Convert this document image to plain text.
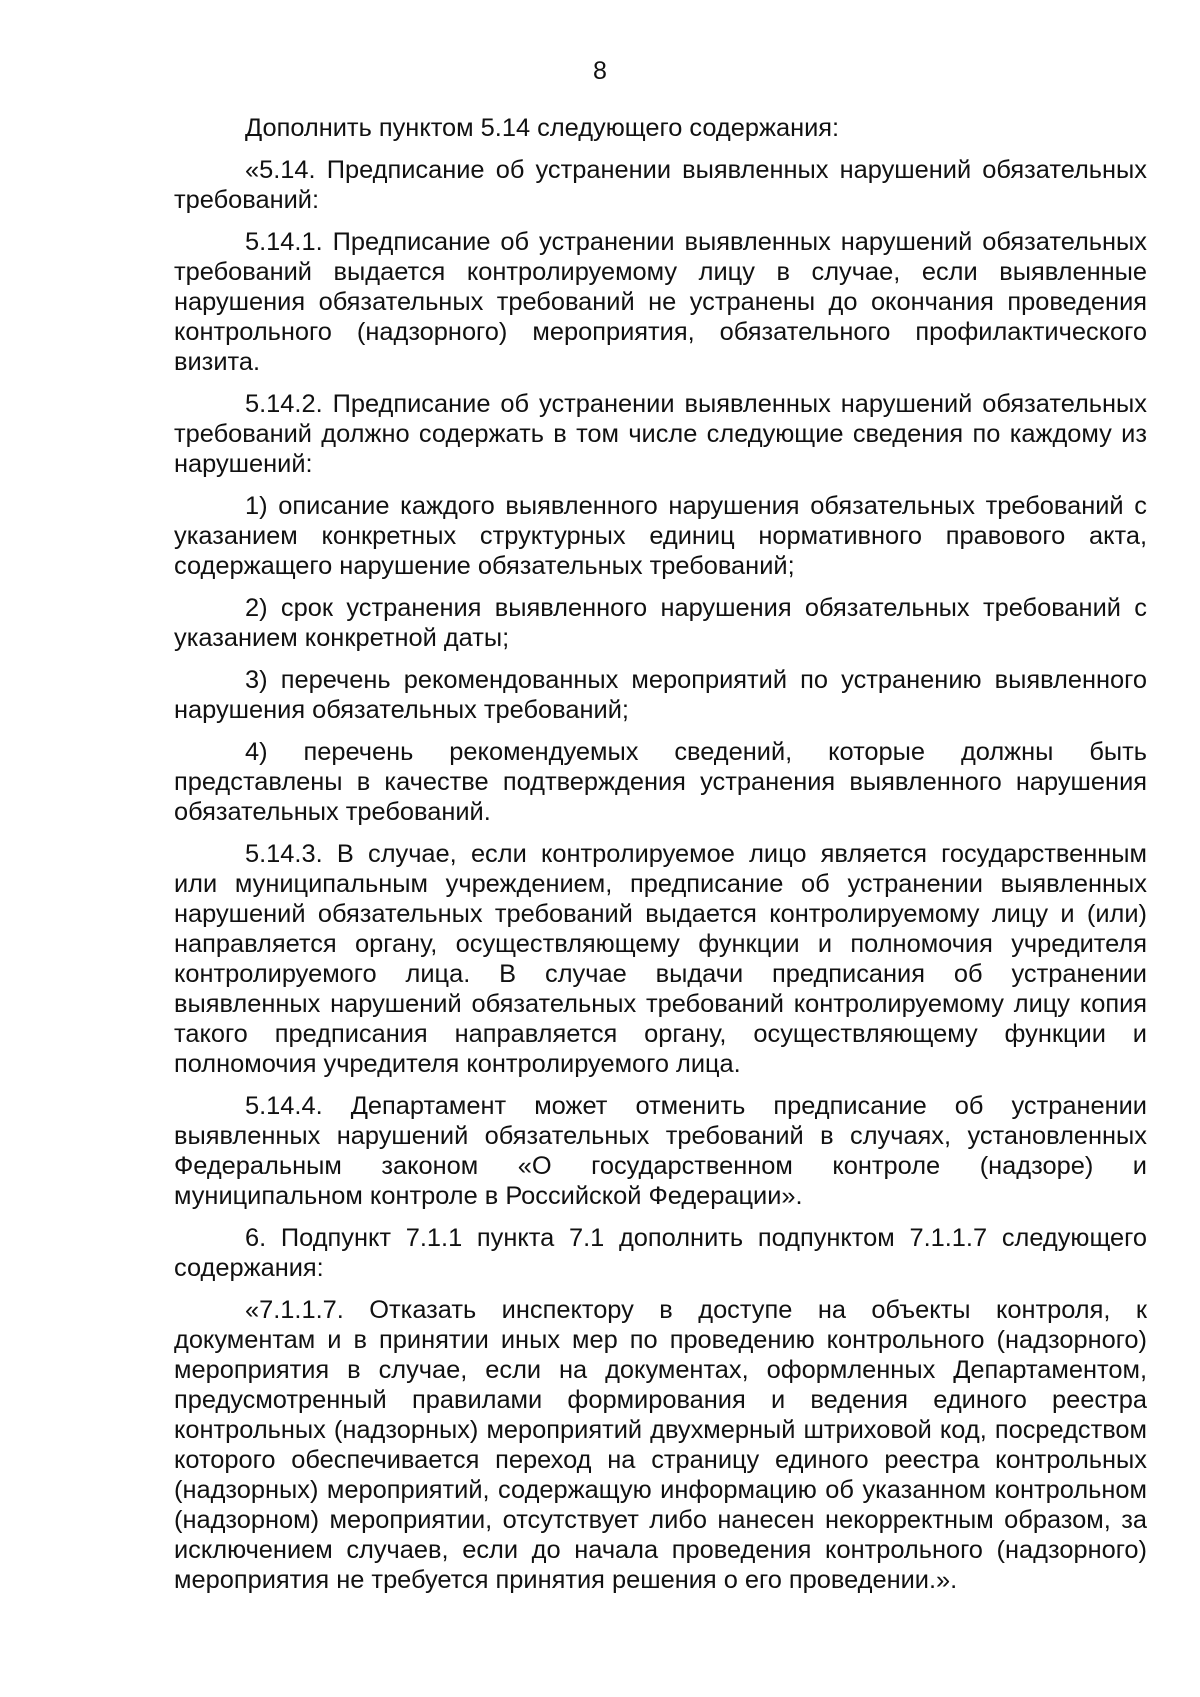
8

Дополнить пунктом 5.14 следующего содержания:

«5.14. Предписание об устранении выявленных нарушений обязательных требований:

5.14.1. Предписание об устранении выявленных нарушений обязательных требований выдается контролируемому лицу в случае, если выявленные нарушения обязательных требований не устранены до окончания проведения контрольного (надзорного) мероприятия, обязательного профилактического визита.

5.14.2. Предписание об устранении выявленных нарушений обязательных требований должно содержать в том числе следующие сведения по каждому из нарушений:

1) описание каждого выявленного нарушения обязательных требований с указанием конкретных структурных единиц нормативного правового акта, содержащего нарушение обязательных требований;

2) срок устранения выявленного нарушения обязательных требований с указанием конкретной даты;

3) перечень рекомендованных мероприятий по устранению выявленного нарушения обязательных требований;

4) перечень рекомендуемых сведений, которые должны быть представлены в качестве подтверждения устранения выявленного нарушения обязательных требований.

5.14.3. В случае, если контролируемое лицо является государственным или муниципальным учреждением, предписание об устранении выявленных нарушений обязательных требований выдается контролируемому лицу и (или) направляется органу, осуществляющему функции и полномочия учредителя контролируемого лица. В случае выдачи предписания об устранении выявленных нарушений обязательных требований контролируемому лицу копия такого предписания направляется органу, осуществляющему функции и полномочия учредителя контролируемого лица.

5.14.4. Департамент может отменить предписание об устранении выявленных нарушений обязательных требований в случаях, установленных Федеральным законом «О государственном контроле (надзоре) и муниципальном контроле в Российской Федерации».

6. Подпункт 7.1.1 пункта 7.1 дополнить подпунктом 7.1.1.7 следующего содержания:

«7.1.1.7. Отказать инспектору в доступе на объекты контроля, к документам и в принятии иных мер по проведению контрольного (надзорного) мероприятия в случае, если на документах, оформленных Департаментом, предусмотренный правилами формирования и ведения единого реестра контрольных (надзорных) мероприятий двухмерный штриховой код, посредством которого обеспечивается переход на страницу единого реестра контрольных (надзорных) мероприятий, содержащую информацию об указанном контрольном (надзорном) мероприятии, отсутствует либо нанесен некорректным образом, за исключением случаев, если до начала проведения контрольного (надзорного) мероприятия не требуется принятия решения о его проведении.».
